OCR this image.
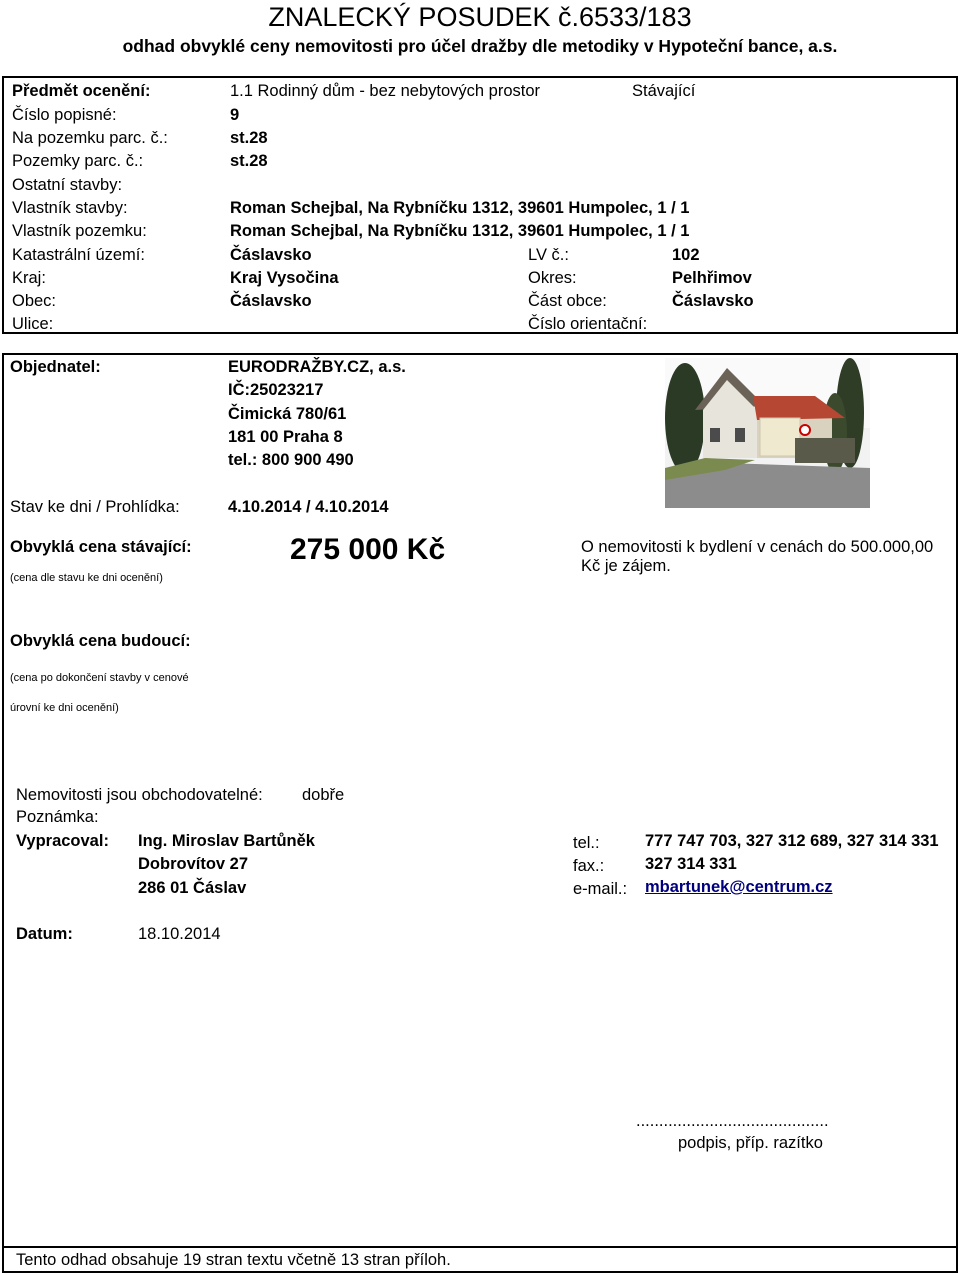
ZNALECKÝ POSUDEK č.6533/183
odhad obvyklé ceny nemovitosti pro účel dražby dle metodiky v Hypoteční bance, a.s.
Předmět ocenění:	1.1 Rodinný dům - bez nebytových prostor	Stávající
Číslo popisné:	9
Na pozemku parc. č.:	st.28
Pozemky parc. č.:	st.28
Ostatní stavby:
Vlastník stavby:	Roman Schejbal, Na Rybníčku 1312, 39601 Humpolec, 1 / 1
Vlastník pozemku:	Roman Schejbal, Na Rybníčku 1312, 39601 Humpolec, 1 / 1
Katastrální území:	Čáslavsko	LV č.:	102
Kraj:	Kraj Vysočina	Okres:	Pelhřimov
Obec:	Čáslavsko	Část obce:	Čáslavsko
Ulice:	Číslo orientační:
Objednatel:	EURODRAŽBY.CZ, a.s.
IČ:25023217
Čimická 780/61
181 00 Praha 8
tel.: 800 900 490
Stav ke dni / Prohlídka:	4.10.2014 / 4.10.2014
Obvyklá cena stávající:
(cena dle stavu ke dni ocenění)
275 000 Kč	O nemovitosti k bydlení v cenách do 500.000,00
Kč je zájem.
Obvyklá cena budoucí:
(cena po dokončení stavby v cenové
úrovní ke dni ocenění)
Nemovitosti jsou obchodovatelné: dobře
Poznámka:
Vypracoval: Ing. Miroslav Bartůněk
Dobrovítov 27
286 01 Čáslav
tel.:	777 747 703, 327 312 689, 327 314 331
fax.: 327 314 331
e-mail.: mbartunek@centrum.cz
Datum:	18.10.2014
..........................................
podpis, příp. razítko
Tento odhad obsahuje 19 stran textu včetně 13 stran příloh.
